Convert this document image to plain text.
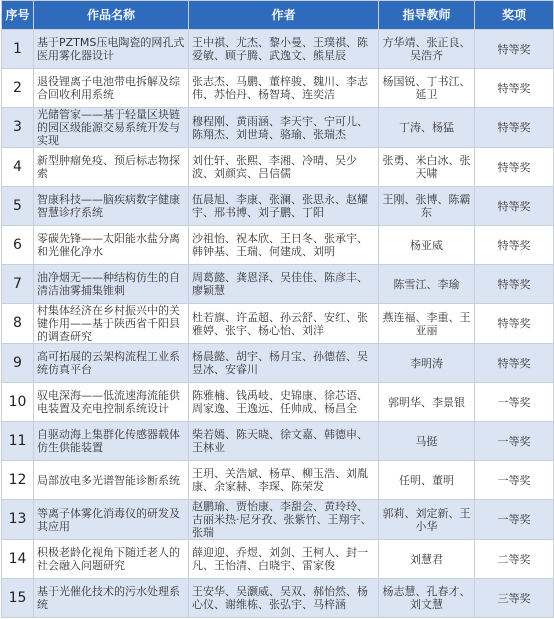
序号	作品名称	作者	指导教师	奖项
1	基于PZTMS压电陶瓷的网孔式医用雾化器设计	王中祺、尤杰、黎小曼、王璞祺、陈爱敏、顾子腾、武逸文、熊星辰	方华靖、张正良、吴浩齐	特等奖
2	退役锂离子电池带电拆解及综合回收利用系统	张志杰、马鹏、董梓骏、魏川、李志伟、苏怡丹、杨智琦、连奕洁	杨国锐、丁书江、延卫	特等奖
3	光储管家——基于轻量区块链的园区级能源交易系统开发与实现	穆程刚、黄雨涵、李天宇、宁可儿、陈翔杰、刘世琦、骆瑜、张瑞杰	丁涛、杨猛	特等奖
4	新型肿瘤免疫、预后标志物探索	刘仕轩、张熙、李湘、冷晴、吴少波、刘颜宾、吕信儒	张勇、米白冰、张天啸	特等奖
5	智康科技——脑疾病数字健康智慧诊疗系统	伍晨旭、李康、张澜、张思永、赵耀宇、邢书博、刘子鹏、丁阳	王刚、张博、陈霸东	特等奖
6	零碳先锋——太阳能水盐分离和光催化净水	沙祖怡、祝本欣、王日冬、张承宇、韩钟基、王瑞、何建成、刘明	杨亚威	特等奖
7	油净烟无——种结构仿生的自清洁油雾捕集锥刺	周葛懿、龚恩泽、吴佳佳、陈彦丰、廖颖慧	陈雪江、李瑜	特等奖
8	村集体经济在乡村振兴中的关键作用——基于陕西省千阳县的调查研究	杜若旗、许孟超、孙云舒、安红、张雅婷、张宇、杨心怡、刘洋	燕连福、李重、王亚丽	特等奖
9	高可拓展的云架构流程工业系统仿真平台	杨晨懿、胡宇、杨月宝、孙德蓓、吴昱冰、安睿川	李明涛	特等奖
10	驭电深海——低流速海流能供电装置及充电控制系统设计	陈雅楠、钱禹岐、史锦康、徐芯语、周家逸、王逸远、任帅成、杨昌全	郭明华、李景银	一等奖
11	自驱动海上集群化传感器载体仿生供能装置	柴若嫣、陈天晓、徐文嘉、韩德申、王林业	马挺	一等奖
12	局部放电多光谱智能诊断系统	王玥、关浩斌、杨草、柳玉浩、刘胤康、余家赫、李琛、陈荣发	任明、董明	一等奖
13	等离子体雾化消毒仪的研发及其应用	赵鹏瑜、贾怡康、李甜会、黄玲玲、古丽米热·尼牙孜、张紫竹、王翔宇、张瑞	郭莉、刘定新、王小华	一等奖
14	积极老龄化视角下随迁老人的社会融入问题研究	薛迎迎、乔煜、刘剑、王柯人、封一凡、王怡清、白晓宇、雷家俊	刘慧君	二等奖
15	基于光催化技术的污水处理系统	王安华、吴灏威、吴双、郝怡然、杨心仪、谢维栋、张弘宇、马梓涵	杨志慧、孔春才、刘文慧	三等奖
